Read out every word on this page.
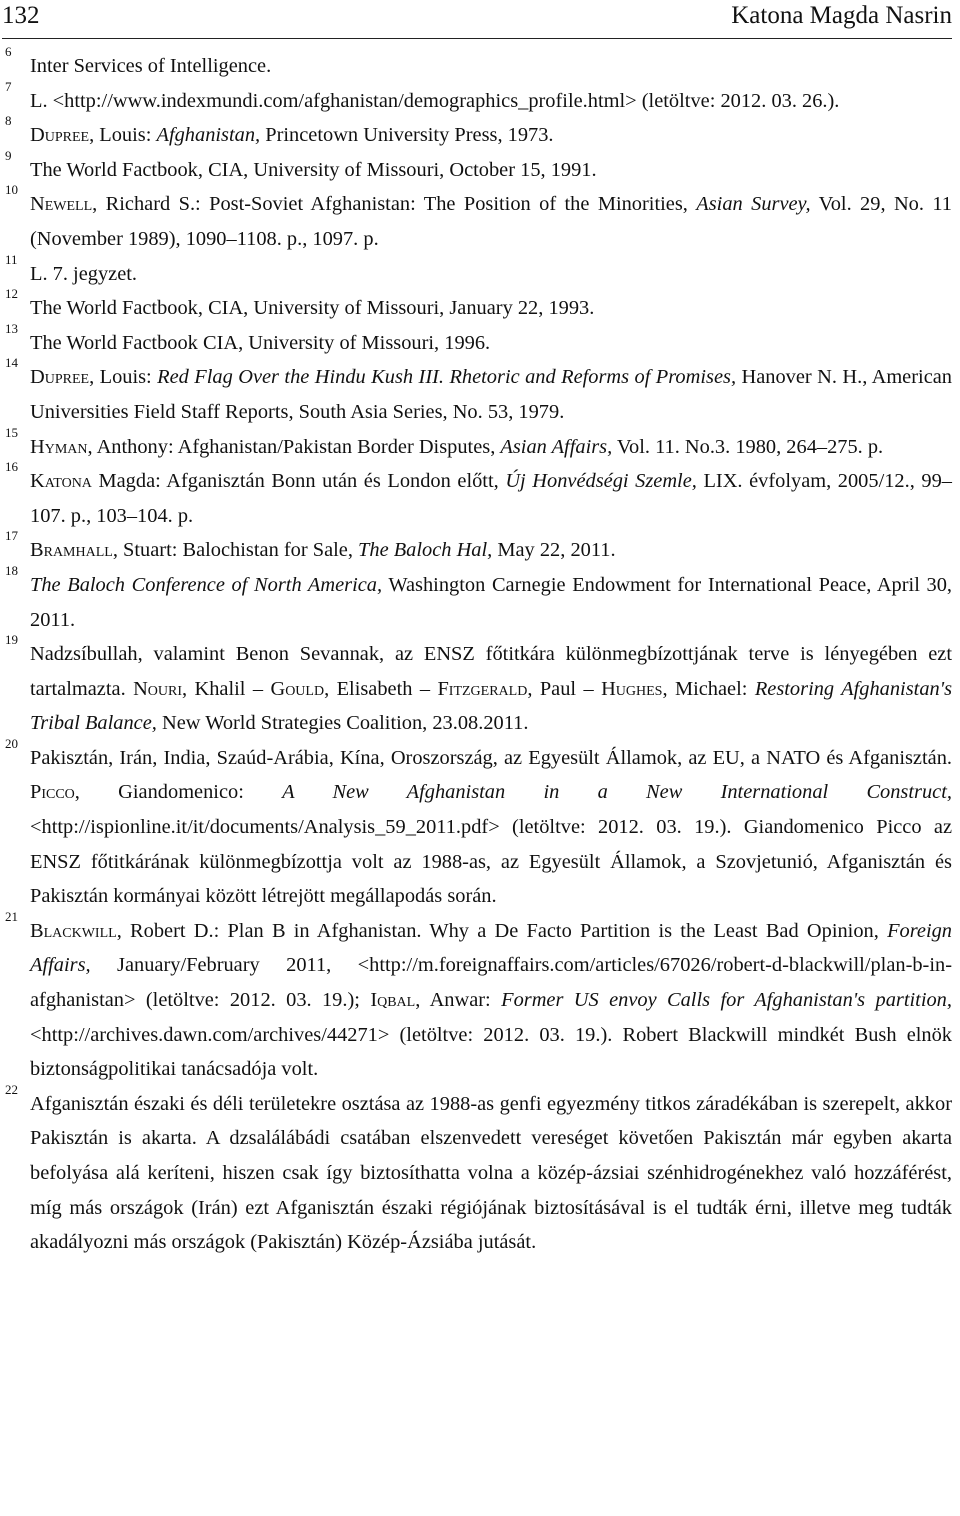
132	Katona Magda Nasrin
6
Inter Services of Intelligence.
7
L. <http://www.indexmundi.com/afghanistan/demographics_profile.html> (letöltve: 2012. 03. 26.).
8
Dupree, Louis: Afghanistan, Princetown University Press, 1973.
9
The World Factbook, CIA, University of Missouri, October 15, 1991.
10
Newell, Richard S.: Post-Soviet Afghanistan: The Position of the Minorities, Asian Survey, Vol. 29, No. 11 (November 1989), 1090–1108. p., 1097. p.
11
L. 7. jegyzet.
12
The World Factbook, CIA, University of Missouri, January 22, 1993.
13
The World Factbook CIA, University of Missouri, 1996.
14
Dupree, Louis: Red Flag Over the Hindu Kush III. Rhetoric and Reforms of Promises, Hanover N. H., American Universities Field Staff Reports, South Asia Series, No. 53, 1979.
15
Hyman, Anthony: Afghanistan/Pakistan Border Disputes, Asian Affairs, Vol. 11. No.3. 1980, 264–275. p.
16
Katona Magda: Afganisztán Bonn után és London előtt, Új Honvédségi Szemle, LIX. évfolyam, 2005/12., 99–107. p., 103–104. p.
17
Bramhall, Stuart: Balochistan for Sale, The Baloch Hal, May 22, 2011.
18
The Baloch Conference of North America, Washington Carnegie Endowment for International Peace, April 30, 2011.
19
Nadzsíbullah, valamint Benon Sevannak, az ENSZ főtitkára különmegbízottjának terve is lényegében ezt tartalmazta. Nouri, Khalil – Gould, Elisabeth – Fitzgerald, Paul – Hughes, Michael: Restoring Afghanistan's Tribal Balance, New World Strategies Coalition, 23.08.2011.
20
Pakisztán, Irán, India, Szaúd-Arábia, Kína, Oroszország, az Egyesült Államok, az EU, a NATO és Afganisztán. Picco, Giandomenico: A New Afghanistan in a New International Construct, <http://ispionline.it/it/documents/Analysis_59_2011.pdf> (letöltve: 2012. 03. 19.). Giandomenico Picco az ENSZ főtitkárának különmegbízottja volt az 1988-as, az Egyesült Államok, a Szovjetunió, Afganisztán és Pakisztán kormányai között létrejött megállapodás során.
21
Blackwill, Robert D.: Plan B in Afghanistan. Why a De Facto Partition is the Least Bad Opinion, Foreign Affairs, January/February 2011, <http://m.foreignaffairs.com/articles/67026/robert-d-blackwill/plan-b-in-afghanistan> (letöltve: 2012. 03. 19.); Iqbal, Anwar: Former US envoy Calls for Afghanistan's partition, <http://archives.dawn.com/archives/44271> (letöltve: 2012. 03. 19.). Robert Blackwill mindkét Bush elnök biztonságpolitikai tanácsadója volt.
22
Afganisztán északi és déli területekre osztása az 1988-as genfi egyezmény titkos záradékában is szerepelt, akkor Pakisztán is akarta. A dzsalálábádi csatában elszenvedett vereséget követően Pakisztán már egyben akarta befolyása alá keríteni, hiszen csak így biztosíthatta volna a közép-ázsiai szénhidrogénekhez való hozzáférést, míg más országok (Irán) ezt Afganisztán északi régiójának biztosításával is el tudták érni, illetve meg tudták akadályozni más országok (Pakisztán) Közép-Ázsiába jutását.
